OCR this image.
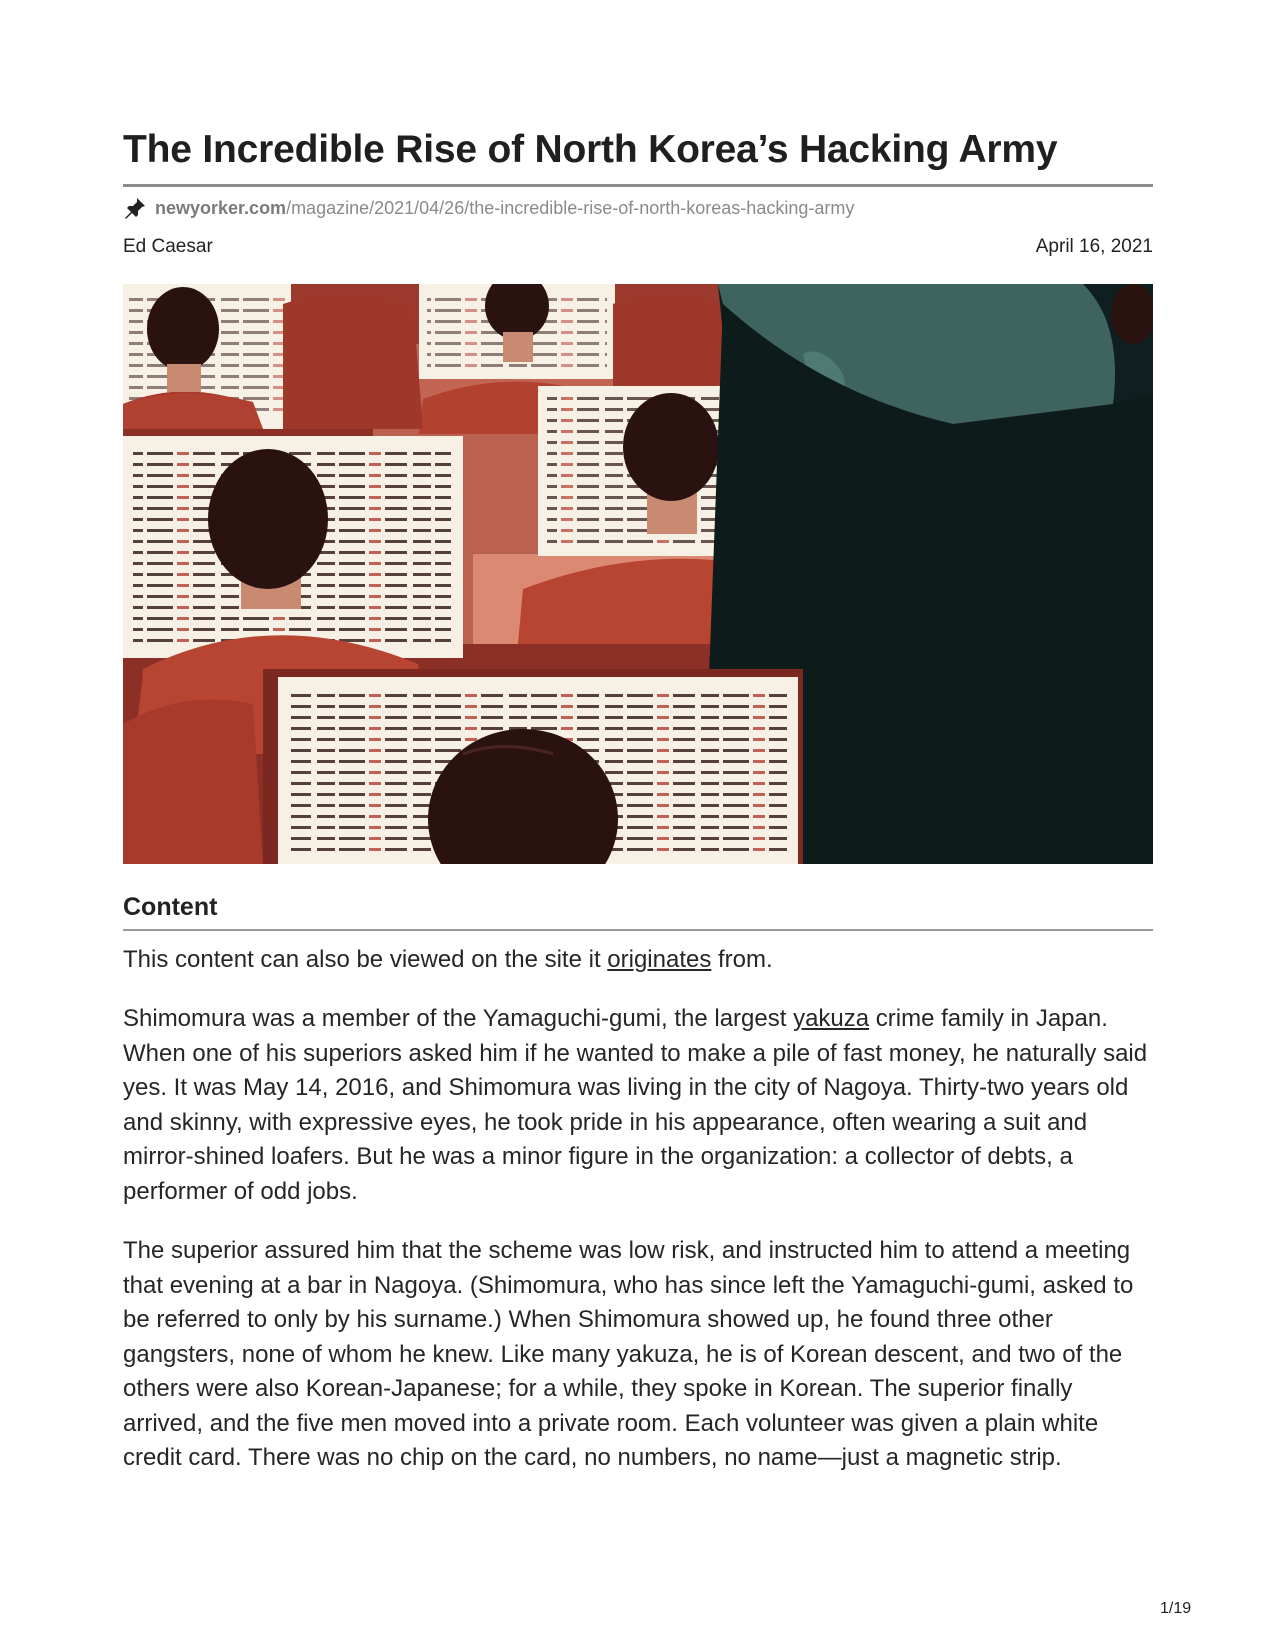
The Incredible Rise of North Korea’s Hacking Army
newyorker.com /magazine/2021/04/26/the-incredible-rise-of-north-koreas-hacking-army
Ed Caesar	April 16, 2021
Content

This content can also be viewed on the site it originates from.

Shimomura was a member of the Yamaguchi-gumi, the largest yakuza crime family in Japan. When one of his superiors asked him if he wanted to make a pile of fast money, he naturally said yes. It was May 14, 2016, and Shimomura was living in the city of Nagoya. Thirty-two years old and skinny, with expressive eyes, he took pride in his appearance, often wearing a suit and mirror-shined loafers. But he was a minor figure in the organization: a collector of debts, a performer of odd jobs.

The superior assured him that the scheme was low risk, and instructed him to attend a meeting that evening at a bar in Nagoya. (Shimomura, who has since left the Yamaguchi-gumi, asked to be referred to only by his surname.) When Shimomura showed up, he found three other gangsters, none of whom he knew. Like many yakuza, he is of Korean descent, and two of the others were also Korean-Japanese; for a while, they spoke in Korean. The superior finally arrived, and the five men moved into a private room. Each volunteer was given a plain white credit card. There was no chip on the card, no numbers, no name—just a magnetic strip.

1/19
